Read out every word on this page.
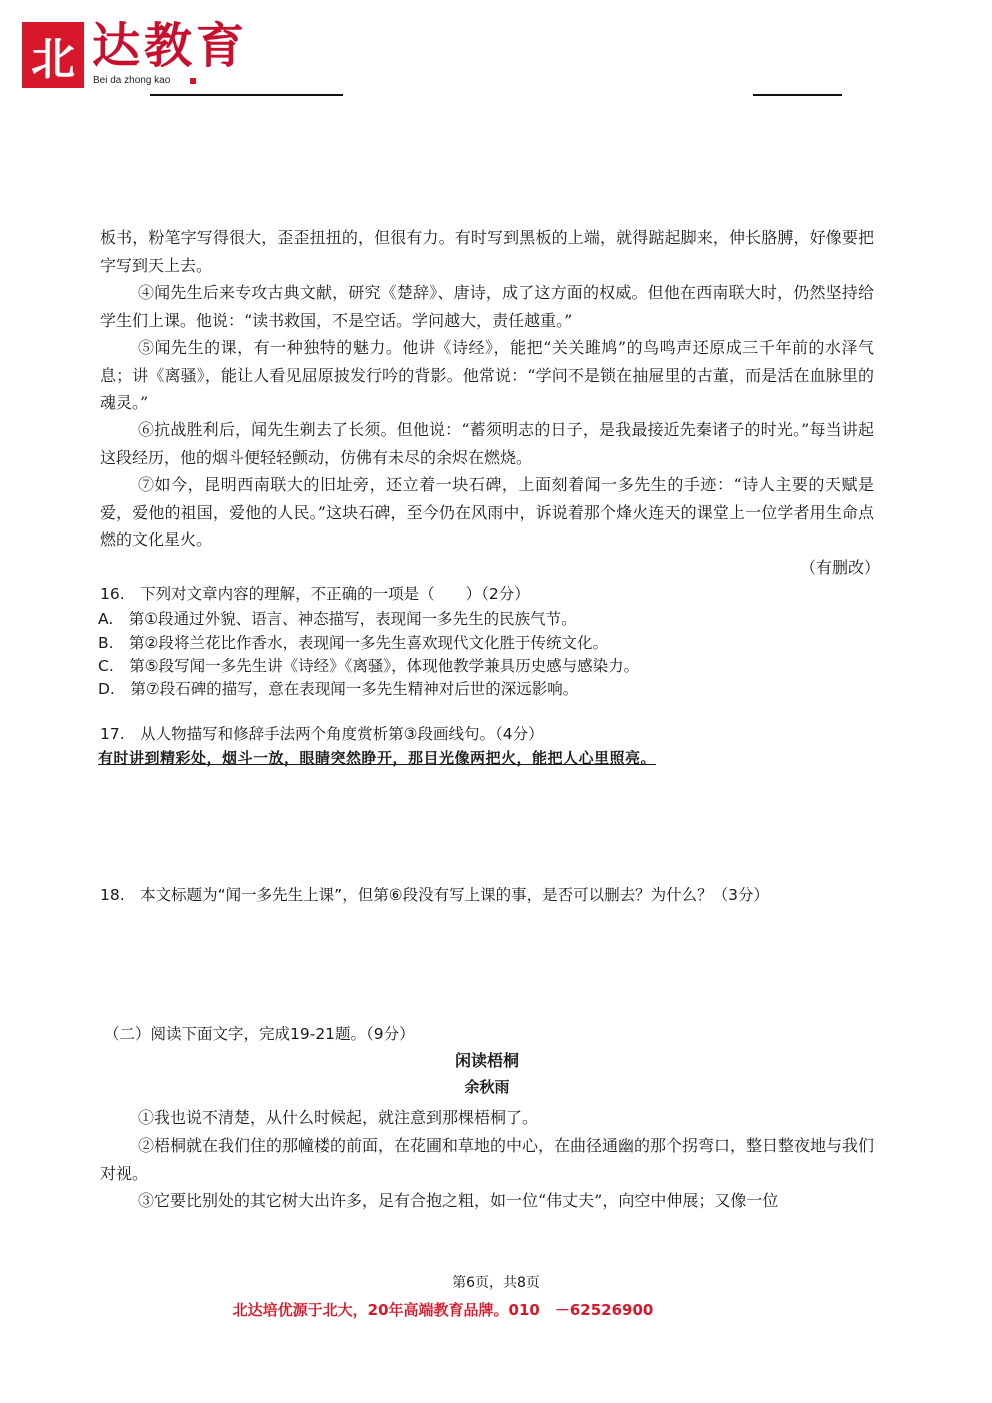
北 达教育
Bei da zhong kao
板书，粉笔字写得很大，歪歪扭扭的，但很有力。有时写到黑板的上端，就得踮起脚来，伸长胳膊，好像要把字写到天上去。
④闻先生后来专攻古典文献，研究《楚辞》、唐诗，成了这方面的权威。但他在西南联大时，仍然坚持给学生们上课。他说：“读书救国，不是空话。学问越大，责任越重。”
⑤闻先生的课，有一种独特的魅力。他讲《诗经》，能把“关关雎鸠”的鸟鸣声还原成三千年前的水泽气息；讲《离骚》，能让人看见屈原披发行吟的背影。他常说：“学问不是锁在抽屉里的古董，而是活在血脉里的魂灵。”
⑥抗战胜利后，闻先生剃去了长须。但他说：“蓄须明志的日子，是我最接近先秦诸子的时光。”每当讲起这段经历，他的烟斗便轻轻颤动，仿佛有未尽的余烬在燃烧。
⑦如今，昆明西南联大的旧址旁，还立着一块石碑，上面刻着闻一多先生的手迹：“诗人主要的天赋是爱，爱他的祖国，爱他的人民。”这块石碑，至今仍在风雨中，诉说着那个烽火连天的课堂上一位学者用生命点燃的文化星火。
（有删改）
16.　下列对文章内容的理解，不正确的一项是（　　）（2分）
A.　第①段通过外貌、语言、神态描写，表现闻一多先生的民族气节。
B.　第②段将兰花比作香水，表现闻一多先生喜欢现代文化胜于传统文化。
C.　第⑤段写闻一多先生讲《诗经》《离骚》，体现他教学兼具历史感与感染力。
D.　第⑦段石碑的描写，意在表现闻一多先生精神对后世的深远影响。
17.　从人物描写和修辞手法两个角度赏析第③段画线句。（4分）
有时讲到精彩处，烟斗一放，眼睛突然睁开，那目光像两把火，能把人心里照亮。
18.　本文标题为“闻一多先生上课”，但第⑥段没有写上课的事，是否可以删去？为什么？（3分）
（二）阅读下面文字，完成19-21题。（9分）
闲读梧桐
余秋雨
①我也说不清楚，从什么时候起，就注意到那棵梧桐了。
②梧桐就在我们住的那幢楼的前面，在花圃和草地的中心，在曲径通幽的那个拐弯口，整日整夜地与我们对视。
③它要比别处的其它树大出许多，足有合抱之粗，如一位“伟丈夫”，向空中伸展；又像一位
第6页，共8页
北达培优源于北大，20年高端教育品牌。010　－62526900
